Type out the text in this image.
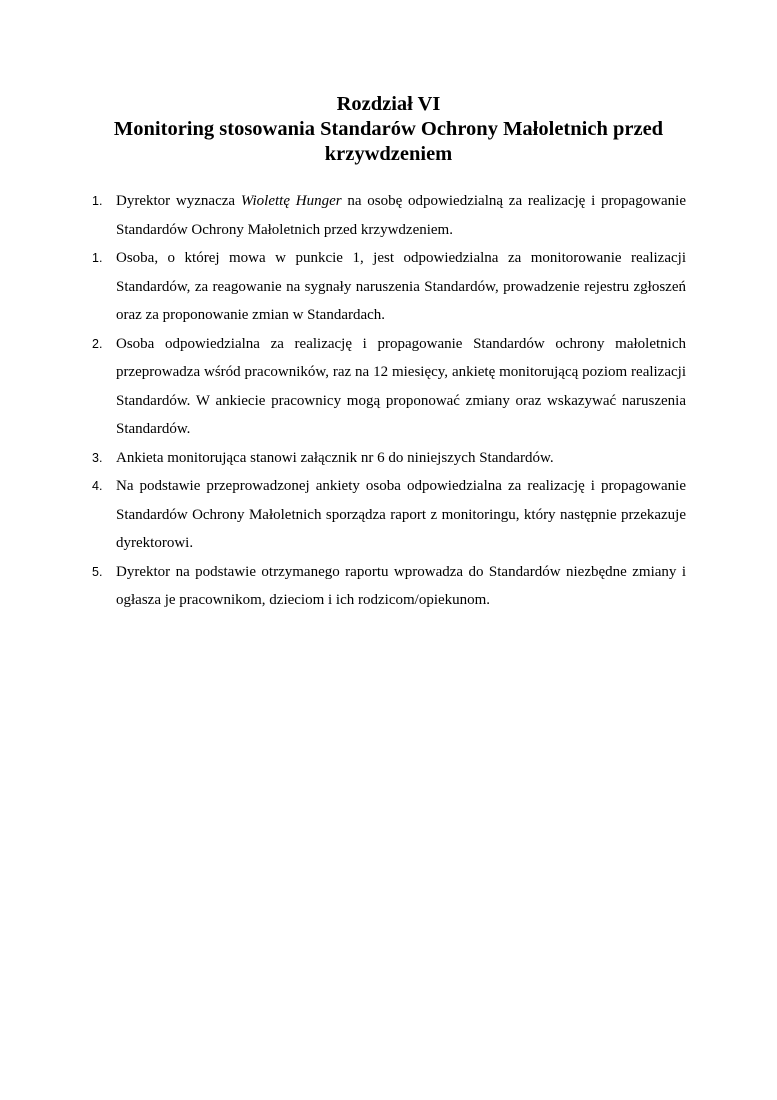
Rozdział VI
Monitoring stosowania Standarów Ochrony Małoletnich przed
krzywdzeniem
1. Dyrektor wyznacza Wiolettę Hunger na osobę odpowiedzialną za realizację i propagowanie Standardów Ochrony Małoletnich przed krzywdzeniem.
1. Osoba, o której mowa w punkcie 1, jest odpowiedzialna za monitorowanie realizacji Standardów, za reagowanie na sygnały naruszenia Standardów, prowadzenie rejestru zgłoszeń oraz za proponowanie zmian w Standardach.
2. Osoba odpowiedzialna za realizację i propagowanie Standardów ochrony małoletnich przeprowadza wśród pracowników, raz na 12 miesięcy, ankietę monitorującą poziom realizacji Standardów. W ankiecie pracownicy mogą proponować zmiany oraz wskazywać naruszenia Standardów.
3. Ankieta monitorująca stanowi załącznik nr 6 do niniejszych Standardów.
4. Na podstawie przeprowadzonej ankiety osoba odpowiedzialna za realizację i propagowanie Standardów Ochrony Małoletnich sporządza raport z monitoringu, który następnie przekazuje dyrektorowi.
5. Dyrektor na podstawie otrzymanego raportu wprowadza do Standardów niezbędne zmiany i ogłasza je pracownikom, dzieciom i ich rodzicom/opiekunom.
